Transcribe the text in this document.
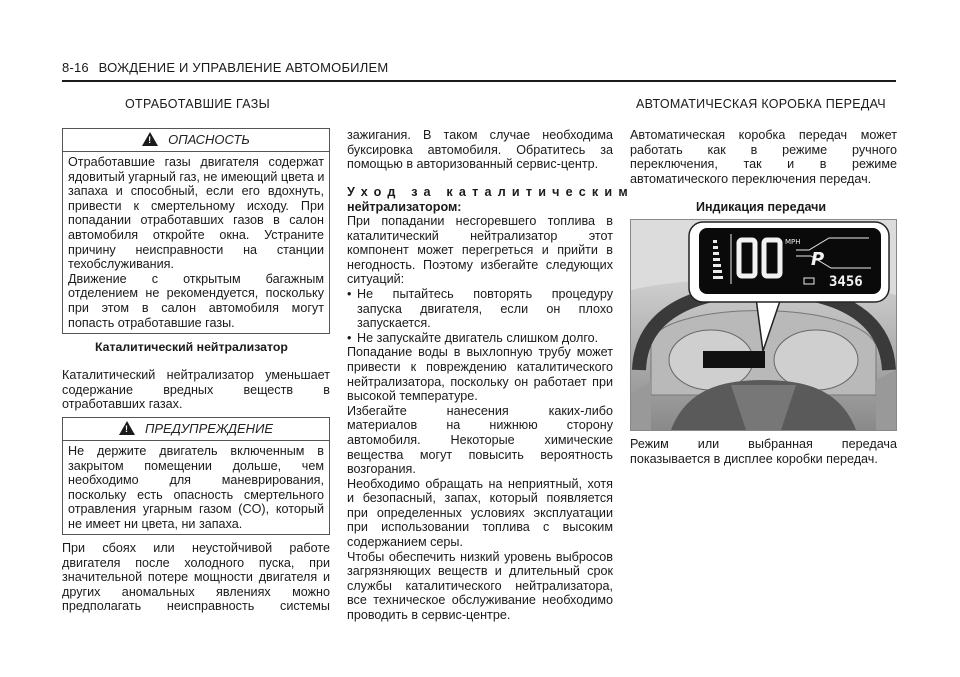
8-16 ВОЖДЕНИЕ И УПРАВЛЕНИЕ АВТОМОБИЛЕМ
ОТРАБОТАВШИЕ ГАЗЫ
!ОПАСНОСТЬ
Отработавшие газы двигателя содержат
ядовитый угарный газ, не имеющий цвета и
запаха и способный, если его вдохнуть,
привести к смертельному исходу. При
попадании отработавших газов в салон
автомобиля откройте окна. Устраните
причину неисправности на станции
техобслуживания.
Движение с открытым багажным
отделением не рекомендуется, поскольку
при этом в салон автомобиля могут
попасть отработавшие газы.
Каталитический нейтрализатор
Каталитический нейтрализатор уменьшает
содержание вредных веществ в
отработавших газах.
!ПРЕДУПРЕЖДЕНИЕ
Не держите двигатель включенным в
закрытом помещении дольше, чем
необходимо для маневрирования,
поскольку есть опасность смертельного
отравления угарным газом (CO), который
не имеет ни цвета, ни запаха.
При сбоях или неустойчивой работе
двигателя после холодного пуска, при
значительной потере мощности двигателя и
других аномальных явлениях можно
предполагать неисправность системы
зажигания. В таком случае необходима
буксировка автомобиля. Обратитесь за
помощью в авторизованный сервис-центр.
Уход за каталитическим
нейтрализатором:
При попадании несгоревшего топлива в
каталитический нейтрализатор этот
компонент может перегреться и прийти в
негодность. Поэтому избегайте следующих
ситуаций:
• Не пытайтесь повторять процедуру
запуска двигателя, если он плохо
запускается.
• Не запускайте двигатель слишком долго.
Попадание воды в выхлопную трубу может
привести к повреждению каталитического
нейтрализатора, поскольку он работает при
высокой температуре.
Избегайте нанесения каких-либо
материалов на нижнюю сторону
автомобиля. Некоторые химические
вещества могут повысить вероятность
возгорания.
Необходимо обращать на неприятный, хотя
и безопасный, запах, который появляется
при определенных условиях эксплуатации
при использовании топлива с высоким
содержанием серы.
Чтобы обеспечить низкий уровень выбросов
загрязняющих веществ и длительный срок
службы каталитического нейтрализатора,
все техническое обслуживание необходимо
проводить в сервис-центре.
АВТОМАТИЧЕСКАЯ КОРОБКА ПЕРЕДАЧ
Автоматическая коробка передач может
работать как в режиме ручного
переключения, так и в режиме
автоматического переключения передач.
Индикация передачи
Режим или выбранная передача
показывается в дисплее коробки передач.
MPH
P
3456
